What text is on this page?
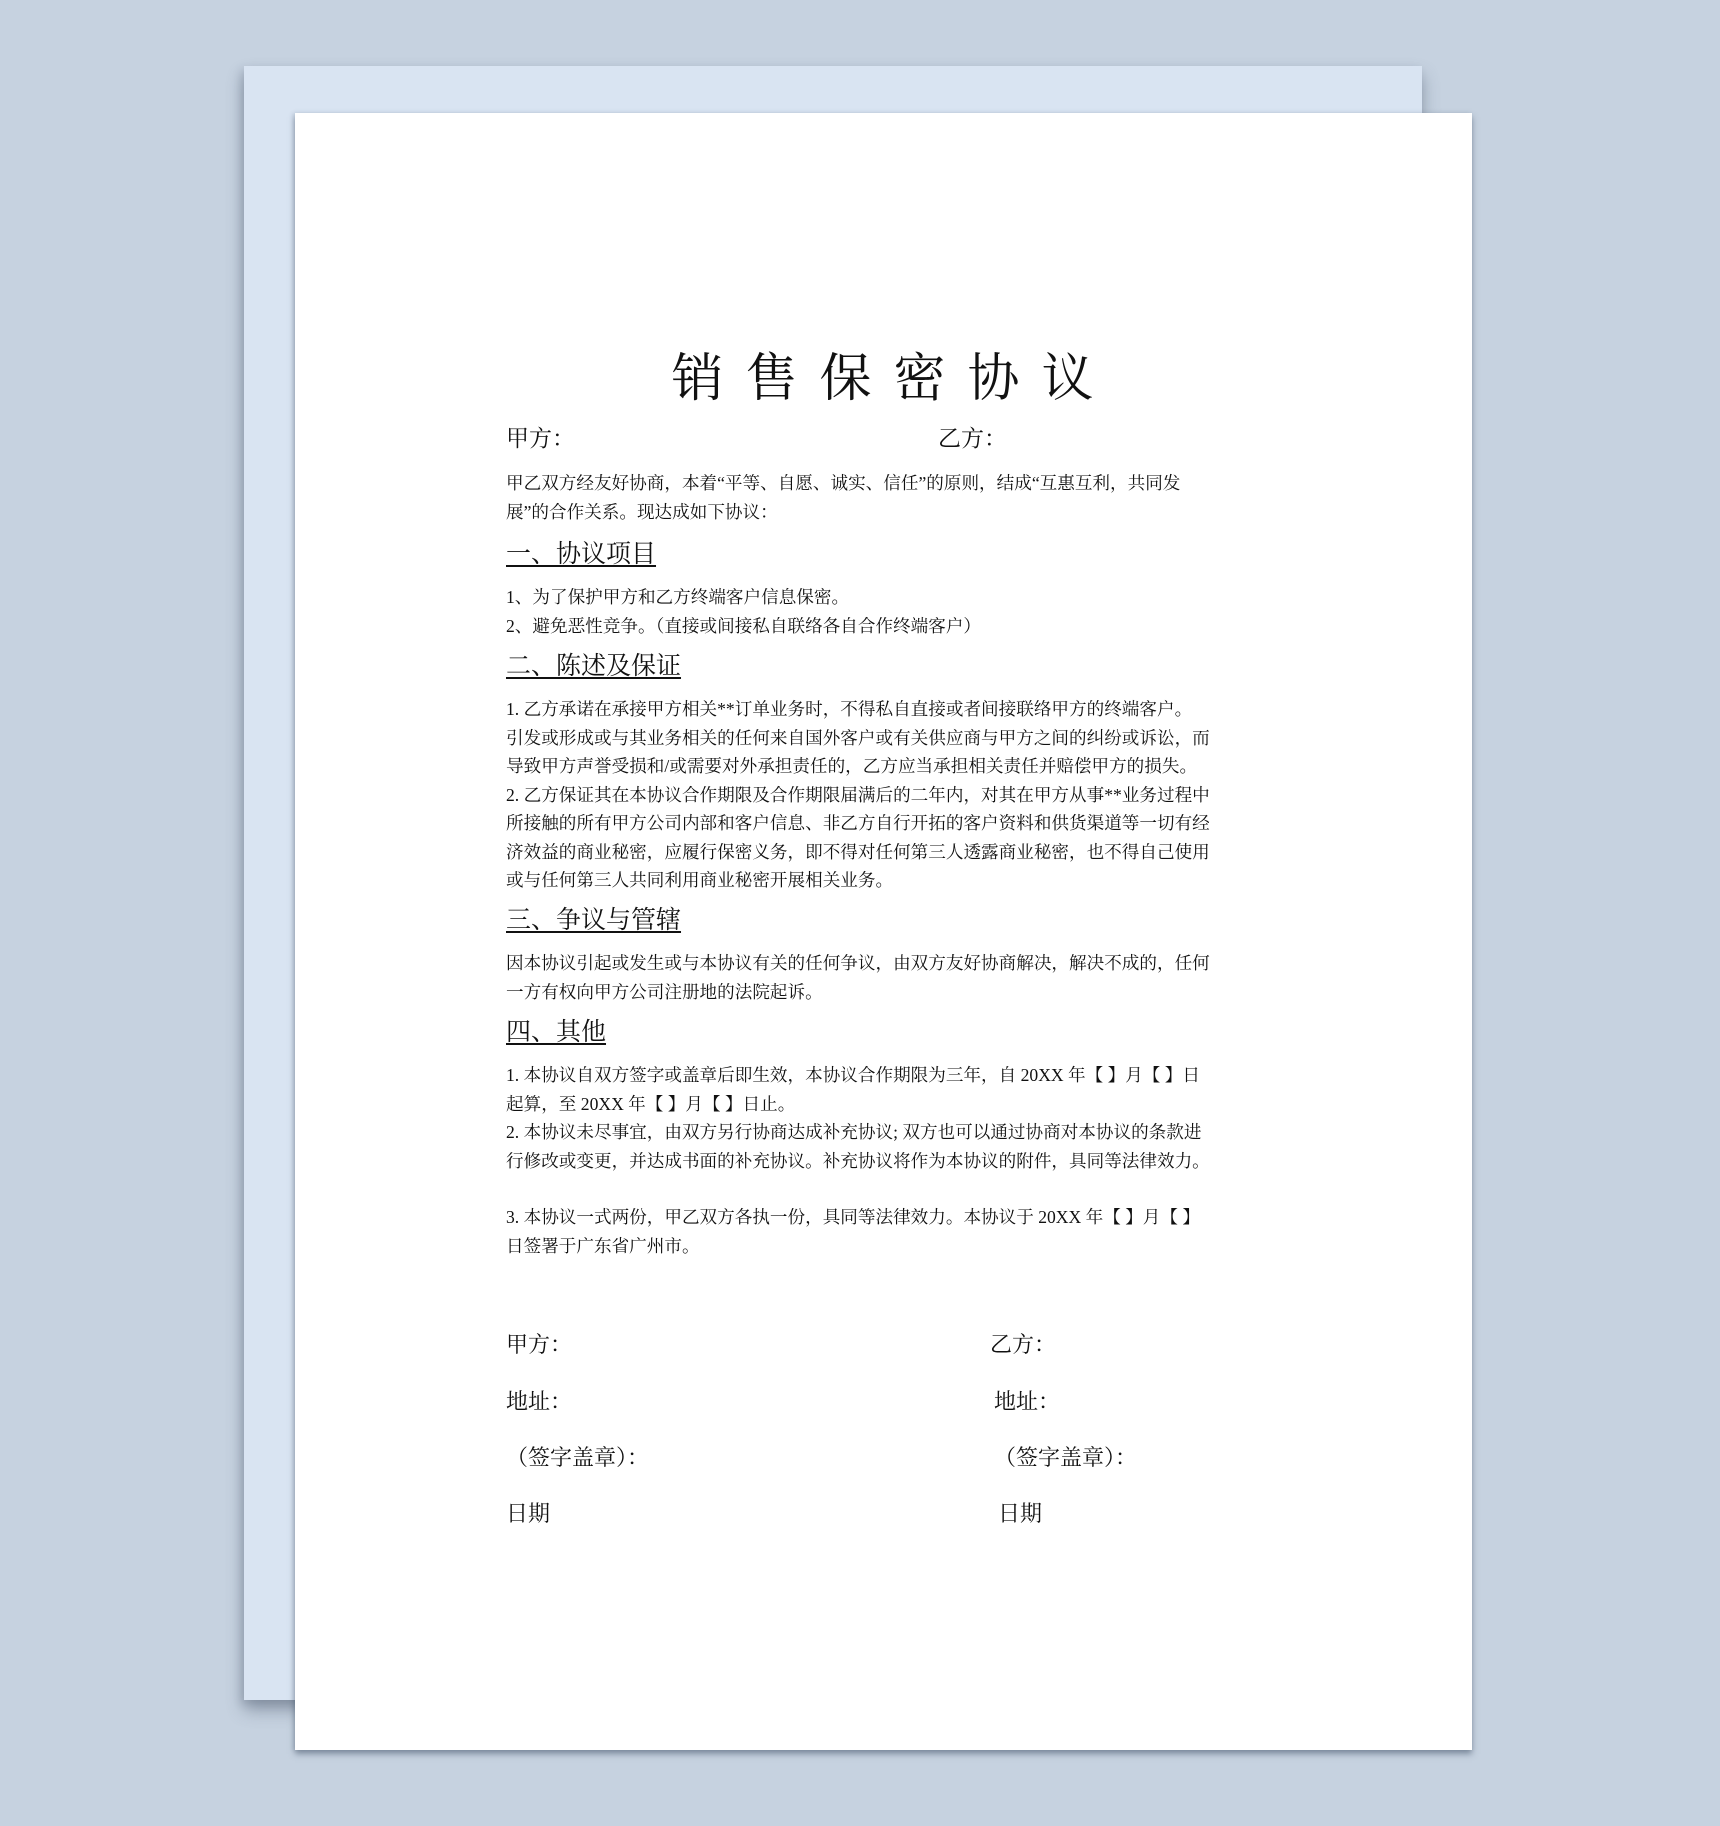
销售保密协议
甲方：	乙方：

甲乙双方经友好协商，本着“平等、自愿、诚实、信任”的原则，结成“互惠互利，共同发

展”的合作关系。现达成如下协议：

一、协议项目

1、为了保护甲方和乙方终端客户信息保密。

2、避免恶性竞争。（直接或间接私自联络各自合作终端客户）

二、陈述及保证

1. 乙方承诺在承接甲方相关**订单业务时，不得私自直接或者间接联络甲方的终端客户。

引发或形成或与其业务相关的任何来自国外客户或有关供应商与甲方之间的纠纷或诉讼，而

导致甲方声誉受损和/或需要对外承担责任的，乙方应当承担相关责任并赔偿甲方的损失。

2. 乙方保证其在本协议合作期限及合作期限届满后的二年内，对其在甲方从事**业务过程中

所接触的所有甲方公司内部和客户信息、非乙方自行开拓的客户资料和供货渠道等一切有经

济效益的商业秘密，应履行保密义务，即不得对任何第三人透露商业秘密，也不得自己使用

或与任何第三人共同利用商业秘密开展相关业务。

三、争议与管辖

因本协议引起或发生或与本协议有关的任何争议，由双方友好协商解决，解决不成的，任何

一方有权向甲方公司注册地的法院起诉。

四、其他

1. 本协议自双方签字或盖章后即生效，本协议合作期限为三年，自 20XX 年【 】月【 】日

起算，至 20XX 年【 】月【 】日止。

2. 本协议未尽事宜，由双方另行协商达成补充协议; 双方也可以通过协商对本协议的条款进

行修改或变更，并达成书面的补充协议。补充协议将作为本协议的附件，具同等法律效力。

3. 本协议一式两份，甲乙双方各执一份，具同等法律效力。本协议于 20XX 年【 】月【 】

日签署于广东省广州市。

甲方：
地址：
（签字盖章）：
日期
乙方：
地址：
（签字盖章）：
日期
